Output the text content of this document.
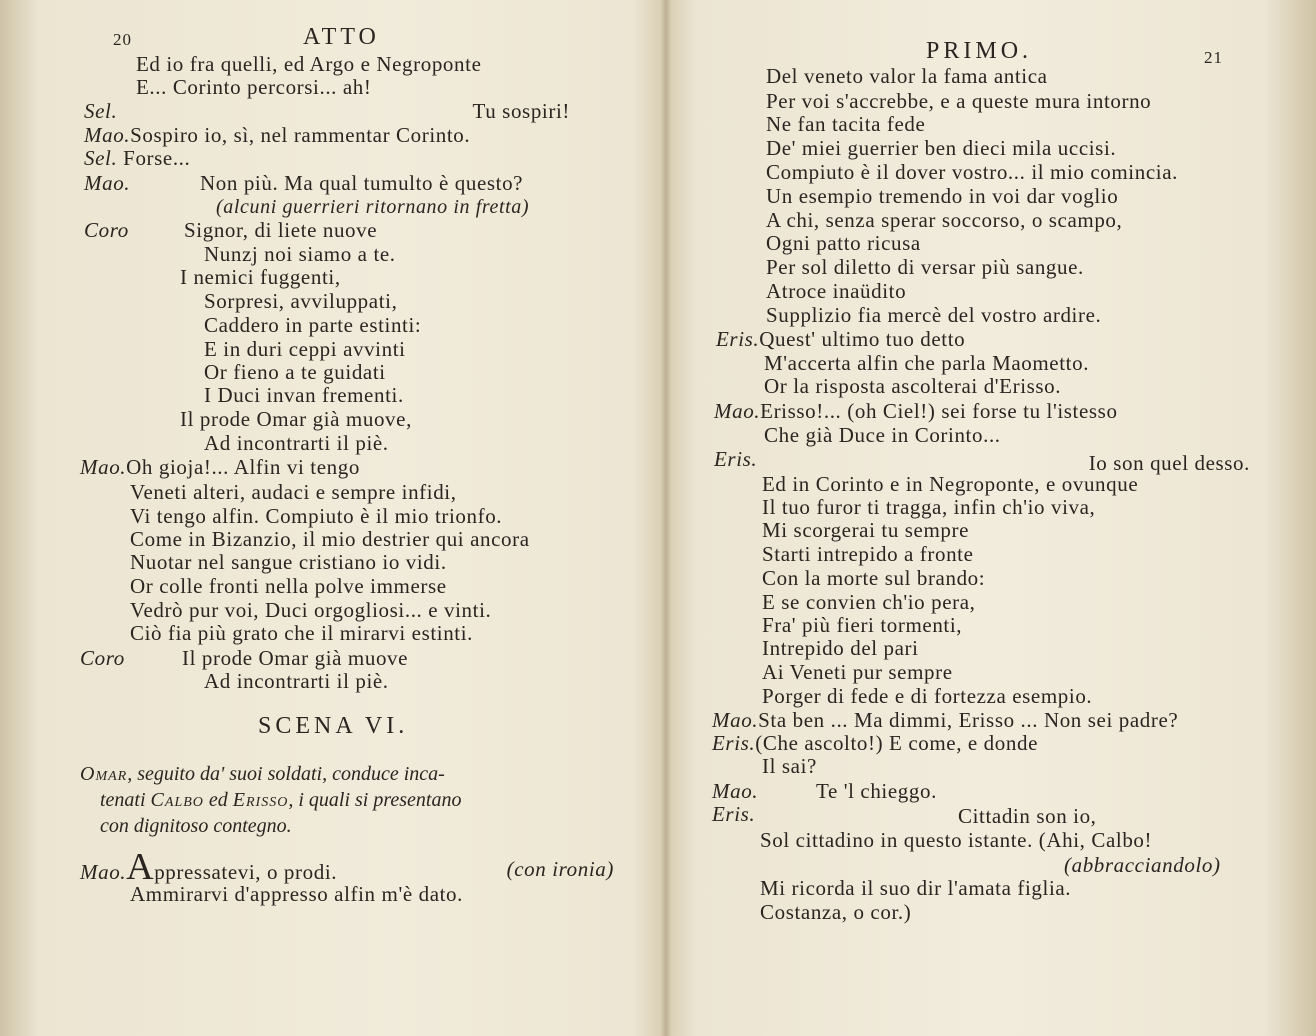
20	ATTO
Ed io fra quelli, ed Argo e Negroponte
E... Corinto percorsi... ah!
Sel.	Tu sospiri!
Mao.Sospiro io, sì, nel rammentar Corinto.
Sel. Forse...
Mao.	Non più. Ma qual tumulto è questo?
(alcuni guerrieri ritornano in fretta)
Coro	Signor, di liete nuove
Nunzj noi siamo a te.
I nemici fuggenti,
Sorpresi, avviluppati,
Caddero in parte estinti:
E in duri ceppi avvinti
Or fieno a te guidati
I Duci invan frementi.
Il prode Omar già muove,
Ad incontrarti il piè.
Mao.Oh gioja!... Alfin vi tengo
Veneti alteri, audaci e sempre infidi,
Vi tengo alfin. Compiuto è il mio trionfo.
Come in Bizanzio, il mio destrier qui ancora
Nuotar nel sangue cristiano io vidi.
Or colle fronti nella polve immerse
Vedrò pur voi, Duci orgogliosi... e vinti.
Ciò fia più grato che il mirarvi estinti.
Coro	Il prode Omar già muove
Ad incontrarti il piè.
SCENA VI.
Omar, seguito da' suoi soldati, conduce inca-
tenati Calbo ed Erisso, i quali si presentano
con dignitoso contegno.
Mao.Appressatevi, o prodi.	(con ironia)
Ammirarvi d'appresso alfin m'è dato.
PRIMO.	21
Del veneto valor la fama antica
Per voi s'accrebbe, e a queste mura intorno
Ne fan tacita fede
De' miei guerrier ben dieci mila uccisi.
Compiuto è il dover vostro... il mio comincia.
Un esempio tremendo in voi dar voglio
A chi, senza sperar soccorso, o scampo,
Ogni patto ricusa
Per sol diletto di versar più sangue.
Atroce inaüdito
Supplizio fia mercè del vostro ardire.
Eris.Quest' ultimo tuo detto
M'accerta alfin che parla Maometto.
Or la risposta ascolterai d'Erisso.
Mao.Erisso!... (oh Ciel!) sei forse tu l'istesso
Che già Duce in Corinto...
Eris.	Io son quel desso.
Ed in Corinto e in Negroponte, e ovunque
Il tuo furor ti tragga, infin ch'io viva,
Mi scorgerai tu sempre
Starti intrepido a fronte
Con la morte sul brando:
E se convien ch'io pera,
Fra' più fieri tormenti,
Intrepido del pari
Ai Veneti pur sempre
Porger di fede e di fortezza esempio.
Mao.Sta ben ... Ma dimmi, Erisso ... Non sei padre?
Eris.(Che ascolto!) E come, e donde
Il sai?
Mao.	Te 'l chieggo.
Eris.	Cittadin son io,
Sol cittadino in questo istante. (Ahi, Calbo!
(abbracciandolo)
Mi ricorda il suo dir l'amata figlia.
Costanza, o cor.)
